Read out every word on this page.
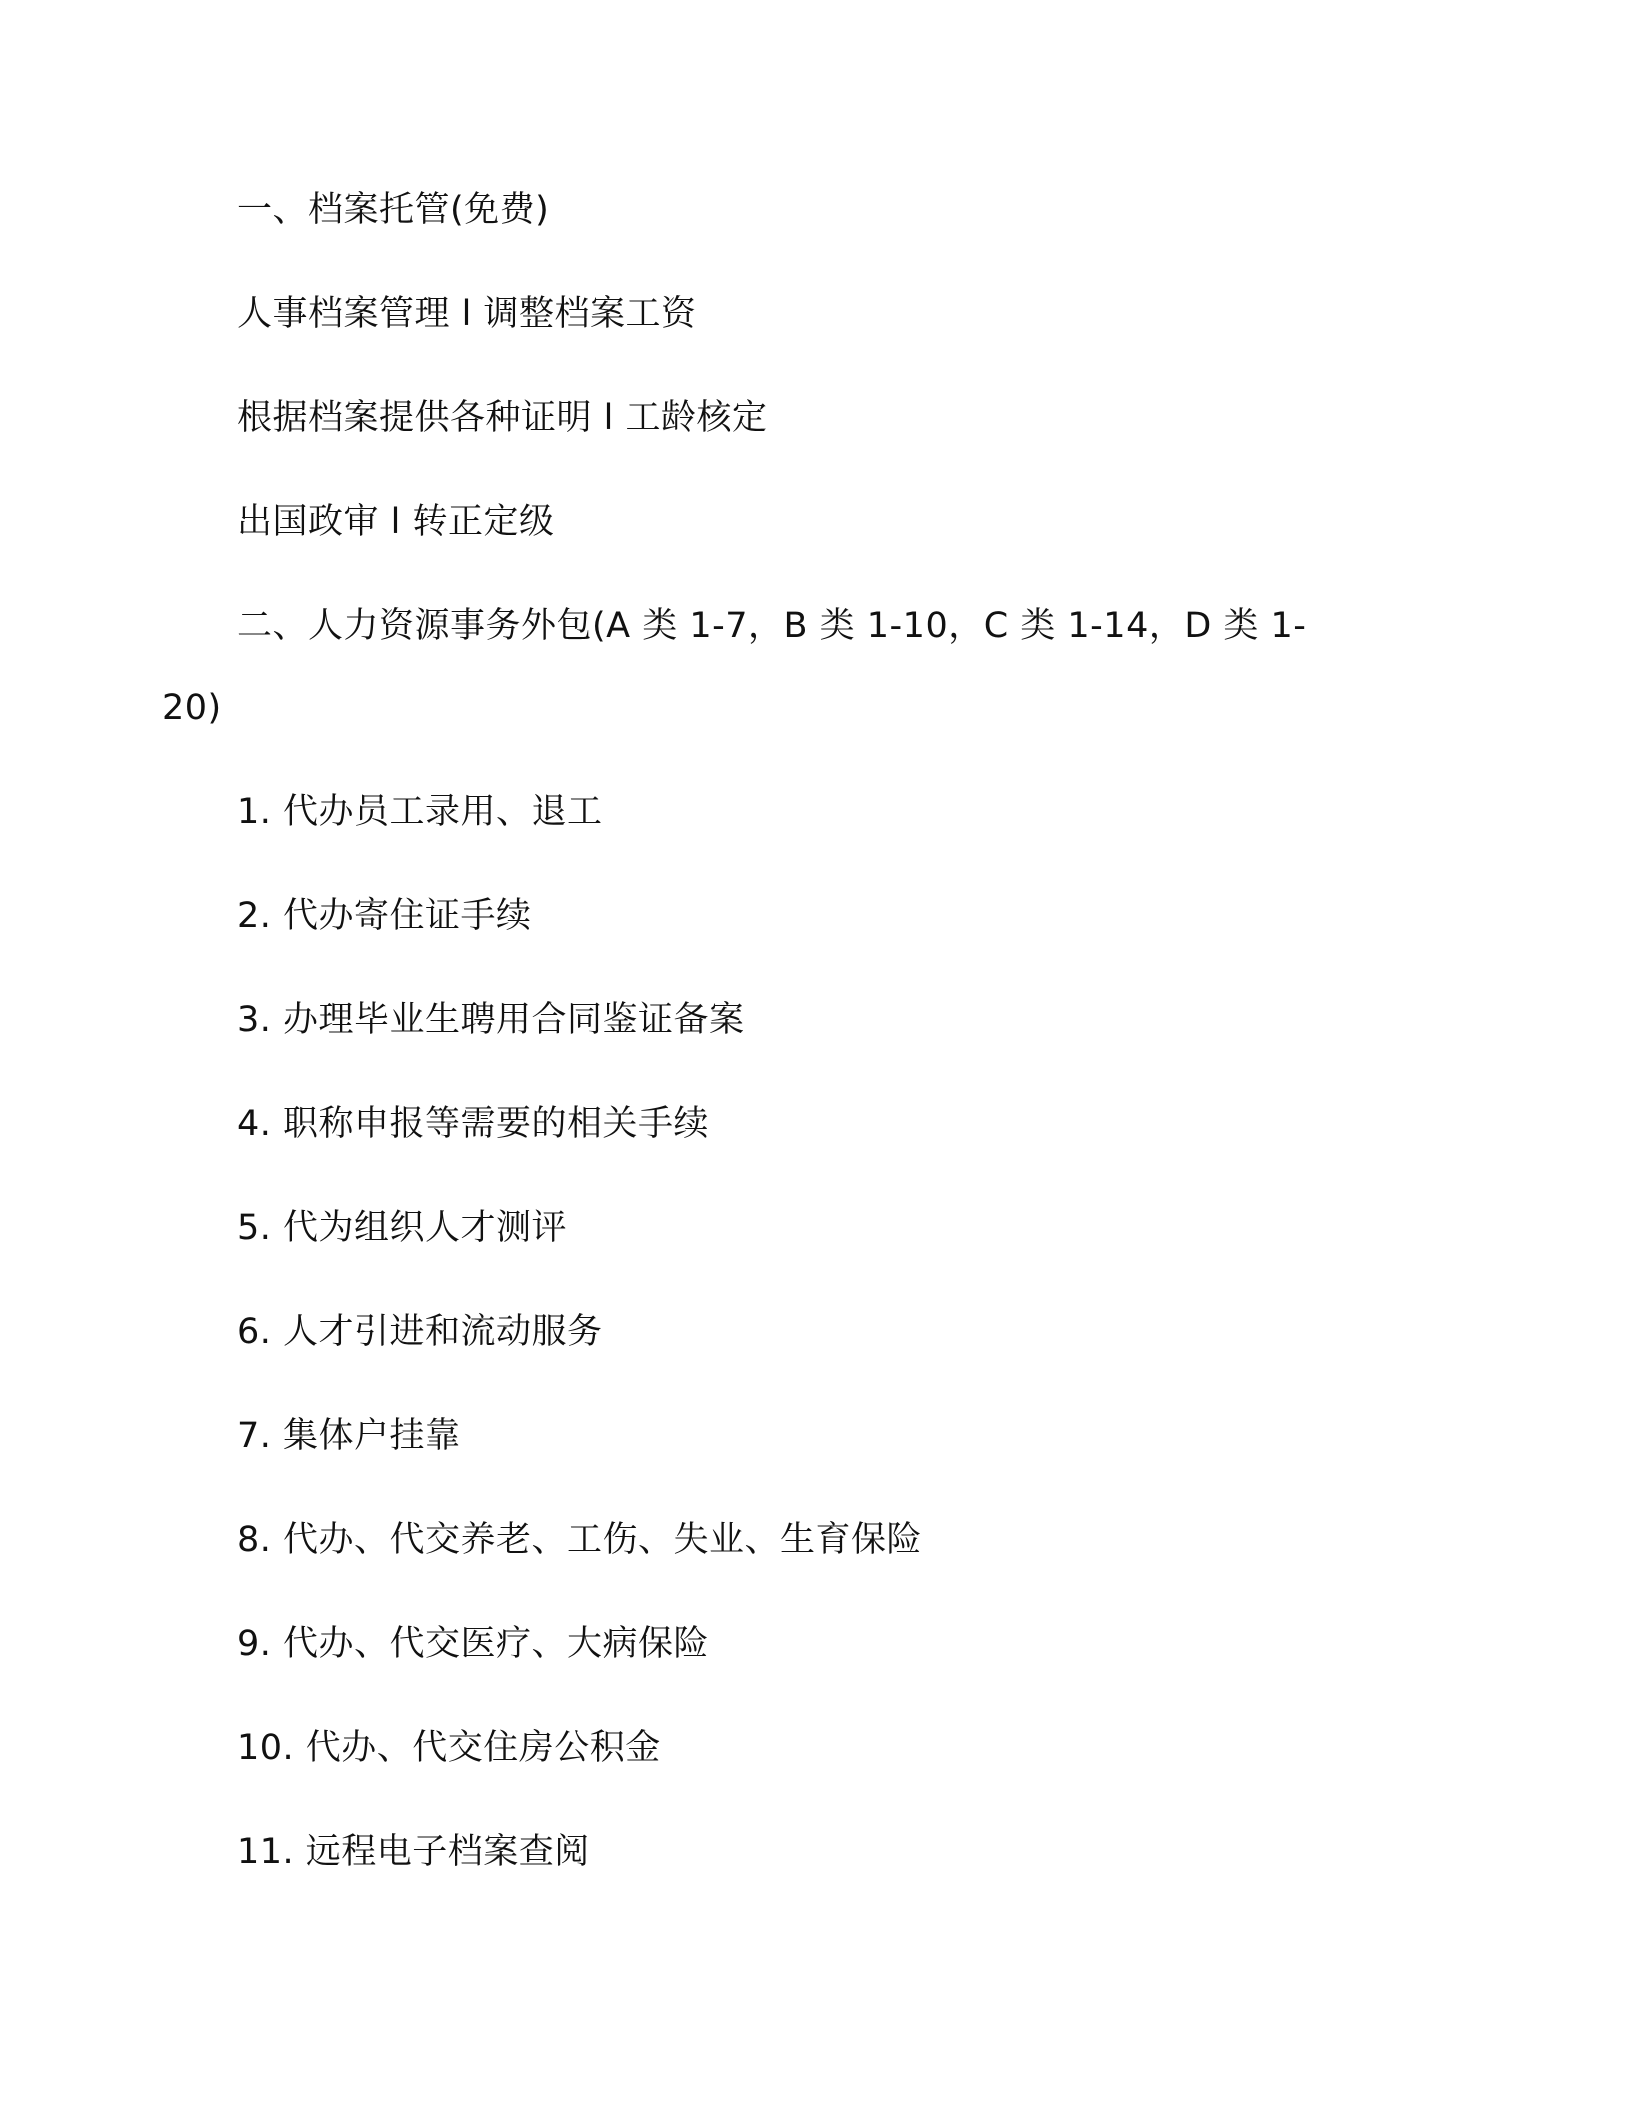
一、档案托管(免费)
人事档案管理 l 调整档案工资
根据档案提供各种证明 l 工龄核定
出国政审 l 转正定级
二、人力资源事务外包(A 类 1-7，B 类 1-10，C 类 1-14，D 类 1-
20)
1. 代办员工录用、退工
2. 代办寄住证手续
3. 办理毕业生聘用合同鉴证备案
4. 职称申报等需要的相关手续
5. 代为组织人才测评
6. 人才引进和流动服务
7. 集体户挂靠
8. 代办、代交养老、工伤、失业、生育保险
9. 代办、代交医疗、大病保险
10. 代办、代交住房公积金
11. 远程电子档案查阅
